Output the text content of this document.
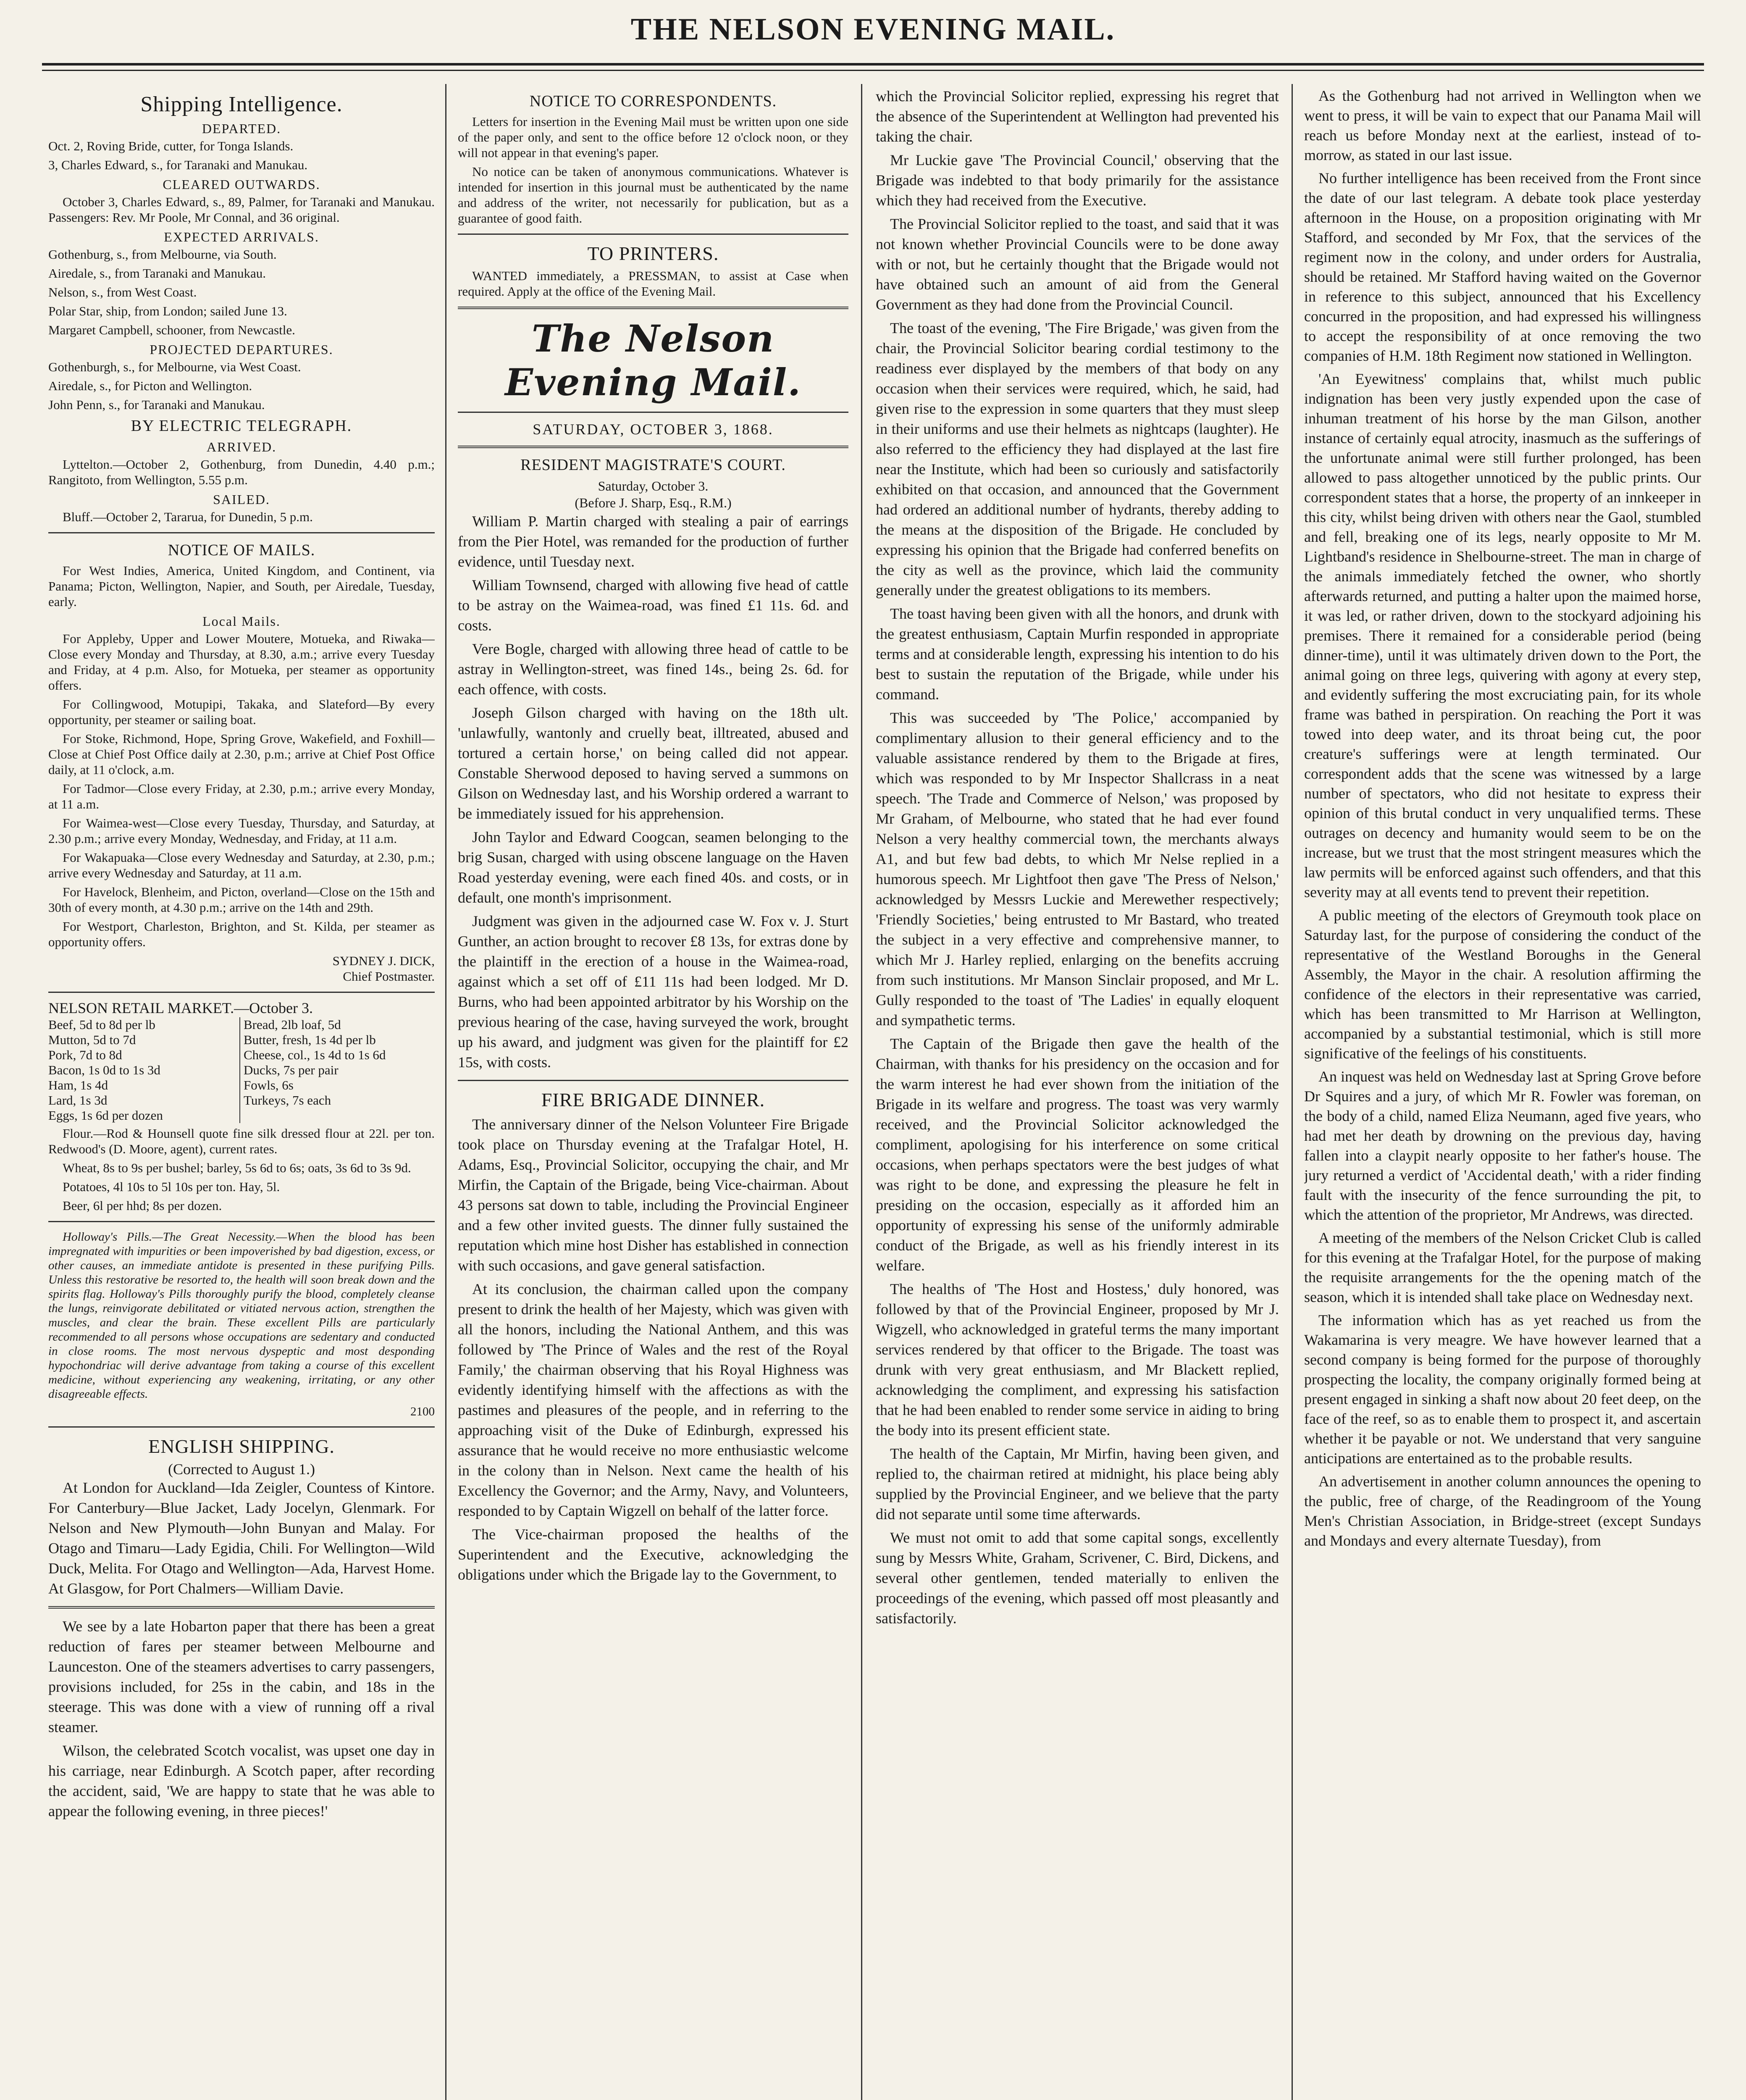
THE NELSON EVENING MAIL.
Shipping Intelligence.
DEPARTED.

Oct. 2, Roving Bride, cutter, for Tonga Islands.

3, Charles Edward, s., for Taranaki and Manukau.

CLEARED OUTWARDS.

October 3, Charles Edward, s., 89, Palmer, for Taranaki and Manukau. Passengers: Rev. Mr Poole, Mr Connal, and 36 original.

EXPECTED ARRIVALS.

Gothenburg, s., from Melbourne, via South.

Airedale, s., from Taranaki and Manukau.

Nelson, s., from West Coast.

Polar Star, ship, from London; sailed June 13.

Margaret Campbell, schooner, from Newcastle.

PROJECTED DEPARTURES.

Gothenburgh, s., for Melbourne, via West Coast.

Airedale, s., for Picton and Wellington.

John Penn, s., for Taranaki and Manukau.

BY ELECTRIC TELEGRAPH.
ARRIVED.

Lyttelton.—October 2, Gothenburg, from Dunedin, 4.40 p.m.; Rangitoto, from Wellington, 5.55 p.m.

SAILED.

Bluff.—October 2, Tararua, for Dunedin, 5 p.m.

NOTICE OF MAILS.

For West Indies, America, United Kingdom, and Continent, via Panama; Picton, Wellington, Napier, and South, per Airedale, Tuesday, early.

Local Mails.

For Appleby, Upper and Lower Moutere, Motueka, and Riwaka—Close every Monday and Thursday, at 8.30, a.m.; arrive every Tuesday and Friday, at 4 p.m. Also, for Motueka, per steamer as opportunity offers.

For Collingwood, Motupipi, Takaka, and Slateford—By every opportunity, per steamer or sailing boat.

For Stoke, Richmond, Hope, Spring Grove, Wakefield, and Foxhill—Close at Chief Post Office daily at 2.30, p.m.; arrive at Chief Post Office daily, at 11 o'clock, a.m.

For Tadmor—Close every Friday, at 2.30, p.m.; arrive every Monday, at 11 a.m.

For Waimea-west—Close every Tuesday, Thursday, and Saturday, at 2.30 p.m.; arrive every Monday, Wednesday, and Friday, at 11 a.m.

For Wakapuaka—Close every Wednesday and Saturday, at 2.30, p.m.; arrive every Wednesday and Saturday, at 11 a.m.

For Havelock, Blenheim, and Picton, overland—Close on the 15th and 30th of every month, at 4.30 p.m.; arrive on the 14th and 29th.

For Westport, Charleston, Brighton, and St. Kilda, per steamer as opportunity offers.

SYDNEY J. DICK,
Chief Postmaster.
NELSON RETAIL MARKET.—October 3.
Beef, 5d to 8d per lb	Bread, 2lb loaf, 5d
Mutton, 5d to 7d	Butter, fresh, 1s 4d per lb
Pork, 7d to 8d	Cheese, col., 1s 4d to 1s 6d
Bacon, 1s 0d to 1s 3d	Ducks, 7s per pair
Ham, 1s 4d	Fowls, 6s
Lard, 1s 3d	Turkeys, 7s each
Eggs, 1s 6d per dozen

Flour.—Rod & Hounsell quote fine silk dressed flour at 22l. per ton. Redwood's (D. Moore, agent), current rates.

Wheat, 8s to 9s per bushel; barley, 5s 6d to 6s; oats, 3s 6d to 3s 9d.

Potatoes, 4l 10s to 5l 10s per ton. Hay, 5l.

Beer, 6l per hhd; 8s per dozen.

Holloway's Pills.—The Great Necessity.—When the blood has been impregnated with impurities or been impoverished by bad digestion, excess, or other causes, an immediate antidote is presented in these purifying Pills. Unless this restorative be resorted to, the health will soon break down and the spirits flag. Holloway's Pills thoroughly purify the blood, completely cleanse the lungs, reinvigorate debilitated or vitiated nervous action, strengthen the muscles, and clear the brain. These excellent Pills are particularly recommended to all persons whose occupations are sedentary and conducted in close rooms. The most nervous dyspeptic and most desponding hypochondriac will derive advantage from taking a course of this excellent medicine, without experiencing any weakening, irritating, or any other disagreeable effects.

2100
ENGLISH SHIPPING.
(Corrected to August 1.)

At London for Auckland—Ida Zeigler, Countess of Kintore. For Canterbury—Blue Jacket, Lady Jocelyn, Glenmark. For Nelson and New Plymouth—John Bunyan and Malay. For Otago and Timaru—Lady Egidia, Chili. For Wellington—Wild Duck, Melita. For Otago and Wellington—Ada, Harvest Home. At Glasgow, for Port Chalmers—William Davie.

We see by a late Hobarton paper that there has been a great reduction of fares per steamer between Melbourne and Launceston. One of the steamers advertises to carry passengers, provisions included, for 25s in the cabin, and 18s in the steerage. This was done with a view of running off a rival steamer.

Wilson, the celebrated Scotch vocalist, was upset one day in his carriage, near Edinburgh. A Scotch paper, after recording the accident, said, 'We are happy to state that he was able to appear the following evening, in three pieces!'

NOTICE TO CORRESPONDENTS.

Letters for insertion in the Evening Mail must be written upon one side of the paper only, and sent to the office before 12 o'clock noon, or they will not appear in that evening's paper.

No notice can be taken of anonymous communications. Whatever is intended for insertion in this journal must be authenticated by the name and address of the writer, not necessarily for publication, but as a guarantee of good faith.

TO PRINTERS.

WANTED immediately, a PRESSMAN, to assist at Case when required. Apply at the office of the Evening Mail.

The Nelson Evening Mail.
SATURDAY, OCTOBER 3, 1868.
RESIDENT MAGISTRATE'S COURT.
Saturday, October 3.
(Before J. Sharp, Esq., R.M.)

William P. Martin charged with stealing a pair of earrings from the Pier Hotel, was remanded for the production of further evidence, until Tuesday next.

William Townsend, charged with allowing five head of cattle to be astray on the Waimea-road, was fined £1 11s. 6d. and costs.

Vere Bogle, charged with allowing three head of cattle to be astray in Wellington-street, was fined 14s., being 2s. 6d. for each offence, with costs.

Joseph Gilson charged with having on the 18th ult. 'unlawfully, wantonly and cruelly beat, illtreated, abused and tortured a certain horse,' on being called did not appear. Constable Sherwood deposed to having served a summons on Gilson on Wednesday last, and his Worship ordered a warrant to be immediately issued for his apprehension.

John Taylor and Edward Coogcan, seamen belonging to the brig Susan, charged with using obscene language on the Haven Road yesterday evening, were each fined 40s. and costs, or in default, one month's imprisonment.

Judgment was given in the adjourned case W. Fox v. J. Sturt Gunther, an action brought to recover £8 13s, for extras done by the plaintiff in the erection of a house in the Waimea-road, against which a set off of £11 11s had been lodged. Mr D. Burns, who had been appointed arbitrator by his Worship on the previous hearing of the case, having surveyed the work, brought up his award, and judgment was given for the plaintiff for £2 15s, with costs.

FIRE BRIGADE DINNER.

The anniversary dinner of the Nelson Volunteer Fire Brigade took place on Thursday evening at the Trafalgar Hotel, H. Adams, Esq., Provincial Solicitor, occupying the chair, and Mr Mirfin, the Captain of the Brigade, being Vice-chairman. About 43 persons sat down to table, including the Provincial Engineer and a few other invited guests. The dinner fully sustained the reputation which mine host Disher has established in connection with such occasions, and gave general satisfaction.

At its conclusion, the chairman called upon the company present to drink the health of her Majesty, which was given with all the honors, including the National Anthem, and this was followed by 'The Prince of Wales and the rest of the Royal Family,' the chairman observing that his Royal Highness was evidently identifying himself with the affections as with the pastimes and pleasures of the people, and in referring to the approaching visit of the Duke of Edinburgh, expressed his assurance that he would receive no more enthusiastic welcome in the colony than in Nelson. Next came the health of his Excellency the Governor; and the Army, Navy, and Volunteers, responded to by Captain Wigzell on behalf of the latter force.

The Vice-chairman proposed the healths of the Superintendent and the Executive, acknowledging the obligations under which the Brigade lay to the Government, to

which the Provincial Solicitor replied, expressing his regret that the absence of the Superintendent at Wellington had prevented his taking the chair.

Mr Luckie gave 'The Provincial Council,' observing that the Brigade was indebted to that body primarily for the assistance which they had received from the Executive.

The Provincial Solicitor replied to the toast, and said that it was not known whether Provincial Councils were to be done away with or not, but he certainly thought that the Brigade would not have obtained such an amount of aid from the General Government as they had done from the Provincial Council.

The toast of the evening, 'The Fire Brigade,' was given from the chair, the Provincial Solicitor bearing cordial testimony to the readiness ever displayed by the members of that body on any occasion when their services were required, which, he said, had given rise to the expression in some quarters that they must sleep in their uniforms and use their helmets as nightcaps (laughter). He also referred to the efficiency they had displayed at the last fire near the Institute, which had been so curiously and satisfactorily exhibited on that occasion, and announced that the Government had ordered an additional number of hydrants, thereby adding to the means at the disposition of the Brigade. He concluded by expressing his opinion that the Brigade had conferred benefits on the city as well as the province, which laid the community generally under the greatest obligations to its members.

The toast having been given with all the honors, and drunk with the greatest enthusiasm, Captain Murfin responded in appropriate terms and at considerable length, expressing his intention to do his best to sustain the reputation of the Brigade, while under his command.

This was succeeded by 'The Police,' accompanied by complimentary allusion to their general efficiency and to the valuable assistance rendered by them to the Brigade at fires, which was responded to by Mr Inspector Shallcrass in a neat speech. 'The Trade and Commerce of Nelson,' was proposed by Mr Graham, of Melbourne, who stated that he had ever found Nelson a very healthy commercial town, the merchants always A1, and but few bad debts, to which Mr Nelse replied in a humorous speech. Mr Lightfoot then gave 'The Press of Nelson,' acknowledged by Messrs Luckie and Merewether respectively; 'Friendly Societies,' being entrusted to Mr Bastard, who treated the subject in a very effective and comprehensive manner, to which Mr J. Harley replied, enlarging on the benefits accruing from such institutions. Mr Manson Sinclair proposed, and Mr L. Gully responded to the toast of 'The Ladies' in equally eloquent and sympathetic terms.

The Captain of the Brigade then gave the health of the Chairman, with thanks for his presidency on the occasion and for the warm interest he had ever shown from the initiation of the Brigade in its welfare and progress. The toast was very warmly received, and the Provincial Solicitor acknowledged the compliment, apologising for his interference on some critical occasions, when perhaps spectators were the best judges of what was right to be done, and expressing the pleasure he felt in presiding on the occasion, especially as it afforded him an opportunity of expressing his sense of the uniformly admirable conduct of the Brigade, as well as his friendly interest in its welfare.

The healths of 'The Host and Hostess,' duly honored, was followed by that of the Provincial Engineer, proposed by Mr J. Wigzell, who acknowledged in grateful terms the many important services rendered by that officer to the Brigade. The toast was drunk with very great enthusiasm, and Mr Blackett replied, acknowledging the compliment, and expressing his satisfaction that he had been enabled to render some service in aiding to bring the body into its present efficient state.

The health of the Captain, Mr Mirfin, having been given, and replied to, the chairman retired at midnight, his place being ably supplied by the Provincial Engineer, and we believe that the party did not separate until some time afterwards.

We must not omit to add that some capital songs, excellently sung by Messrs White, Graham, Scrivener, C. Bird, Dickens, and several other gentlemen, tended materially to enliven the proceedings of the evening, which passed off most pleasantly and satisfactorily.

As the Gothenburg had not arrived in Wellington when we went to press, it will be vain to expect that our Panama Mail will reach us before Monday next at the earliest, instead of to-morrow, as stated in our last issue.

No further intelligence has been received from the Front since the date of our last telegram. A debate took place yesterday afternoon in the House, on a proposition originating with Mr Stafford, and seconded by Mr Fox, that the services of the regiment now in the colony, and under orders for Australia, should be retained. Mr Stafford having waited on the Governor in reference to this subject, announced that his Excellency concurred in the proposition, and had expressed his willingness to accept the responsibility of at once removing the two companies of H.M. 18th Regiment now stationed in Wellington.

'An Eyewitness' complains that, whilst much public indignation has been very justly expended upon the case of inhuman treatment of his horse by the man Gilson, another instance of certainly equal atrocity, inasmuch as the sufferings of the unfortunate animal were still further prolonged, has been allowed to pass altogether unnoticed by the public prints. Our correspondent states that a horse, the property of an innkeeper in this city, whilst being driven with others near the Gaol, stumbled and fell, breaking one of its legs, nearly opposite to Mr M. Lightband's residence in Shelbourne-street. The man in charge of the animals immediately fetched the owner, who shortly afterwards returned, and putting a halter upon the maimed horse, it was led, or rather driven, down to the stockyard adjoining his premises. There it remained for a considerable period (being dinner-time), until it was ultimately driven down to the Port, the animal going on three legs, quivering with agony at every step, and evidently suffering the most excruciating pain, for its whole frame was bathed in perspiration. On reaching the Port it was towed into deep water, and its throat being cut, the poor creature's sufferings were at length terminated. Our correspondent adds that the scene was witnessed by a large number of spectators, who did not hesitate to express their opinion of this brutal conduct in very unqualified terms. These outrages on decency and humanity would seem to be on the increase, but we trust that the most stringent measures which the law permits will be enforced against such offenders, and that this severity may at all events tend to prevent their repetition.

A public meeting of the electors of Greymouth took place on Saturday last, for the purpose of considering the conduct of the representative of the Westland Boroughs in the General Assembly, the Mayor in the chair. A resolution affirming the confidence of the electors in their representative was carried, which has been transmitted to Mr Harrison at Wellington, accompanied by a substantial testimonial, which is still more significative of the feelings of his constituents.

An inquest was held on Wednesday last at Spring Grove before Dr Squires and a jury, of which Mr R. Fowler was foreman, on the body of a child, named Eliza Neumann, aged five years, who had met her death by drowning on the previous day, having fallen into a claypit nearly opposite to her father's house. The jury returned a verdict of 'Accidental death,' with a rider finding fault with the insecurity of the fence surrounding the pit, to which the attention of the proprietor, Mr Andrews, was directed.

A meeting of the members of the Nelson Cricket Club is called for this evening at the Trafalgar Hotel, for the purpose of making the requisite arrangements for the the opening match of the season, which it is intended shall take place on Wednesday next.

The information which has as yet reached us from the Wakamarina is very meagre. We have however learned that a second company is being formed for the purpose of thoroughly prospecting the locality, the company originally formed being at present engaged in sinking a shaft now about 20 feet deep, on the face of the reef, so as to enable them to prospect it, and ascertain whether it be payable or not. We understand that very sanguine anticipations are entertained as to the probable results.

An advertisement in another column announces the opening to the public, free of charge, of the Readingroom of the Young Men's Christian Association, in Bridge-street (except Sundays and Mondays and every alternate Tuesday), from
